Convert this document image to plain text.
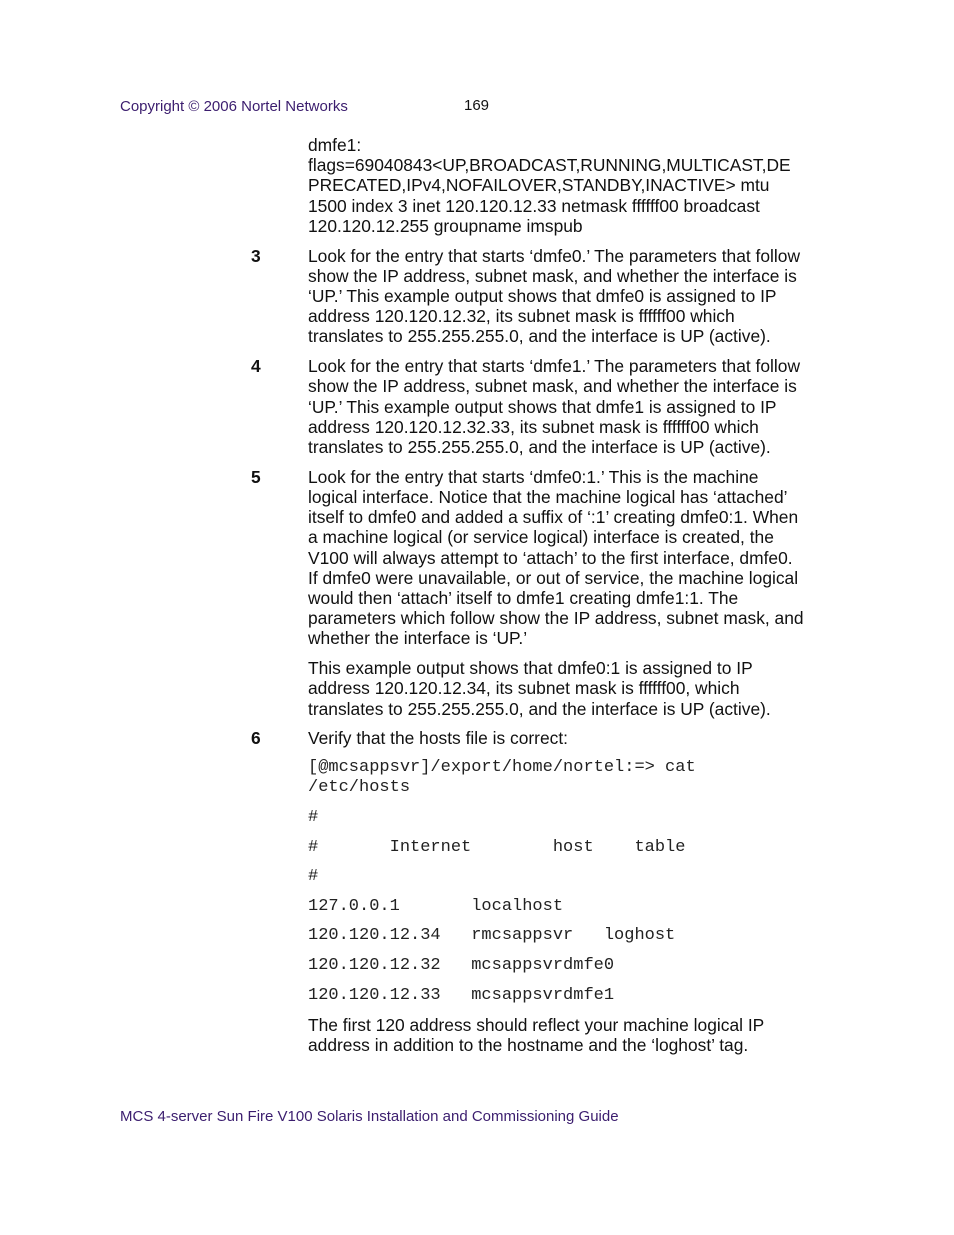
Copyright © 2006 Nortel Networks	169
dmfe1:
flags=69040843<UP,BROADCAST,RUNNING,MULTICAST,DE
PRECATED,IPv4,NOFAILOVER,STANDBY,INACTIVE> mtu
1500 index 3 inet 120.120.12.33 netmask ffffff00 broadcast
120.120.12.255 groupname imspub
3	Look for the entry that starts ‘dmfe0.’ The parameters that follow
show the IP address, subnet mask, and whether the interface is
‘UP.’ This example output shows that dmfe0 is assigned to IP
address 120.120.12.32, its subnet mask is ffffff00 which
translates to 255.255.255.0, and the interface is UP (active).
4	Look for the entry that starts ‘dmfe1.’ The parameters that follow
show the IP address, subnet mask, and whether the interface is
‘UP.’ This example output shows that dmfe1 is assigned to IP
address 120.120.12.32.33, its subnet mask is ffffff00 which
translates to 255.255.255.0, and the interface is UP (active).
5	Look for the entry that starts ‘dmfe0:1.’ This is the machine
logical interface. Notice that the machine logical has ‘attached’
itself to dmfe0 and added a suffix of ‘:1’ creating dmfe0:1. When
a machine logical (or service logical) interface is created, the
V100 will always attempt to ‘attach’ to the first interface, dmfe0.
If dmfe0 were unavailable, or out of service, the machine logical
would then ‘attach’ itself to dmfe1 creating dmfe1:1. The
parameters which follow show the IP address, subnet mask, and
whether the interface is ‘UP.’
This example output shows that dmfe0:1 is assigned to IP
address 120.120.12.34, its subnet mask is ffffff00, which
translates to 255.255.255.0, and the interface is UP (active).
6	Verify that the hosts file is correct:
[@mcsappsvr]/export/home/nortel:=> cat
/etc/hosts
#
#       Internet        host    table
#
127.0.0.1       localhost
120.120.12.34   rmcsappsvr   loghost
120.120.12.32   mcsappsvrdmfe0
120.120.12.33   mcsappsvrdmfe1
The first 120 address should reflect your machine logical IP
address in addition to the hostname and the ‘loghost’ tag.
MCS 4-server Sun Fire V100 Solaris Installation and Commissioning Guide
